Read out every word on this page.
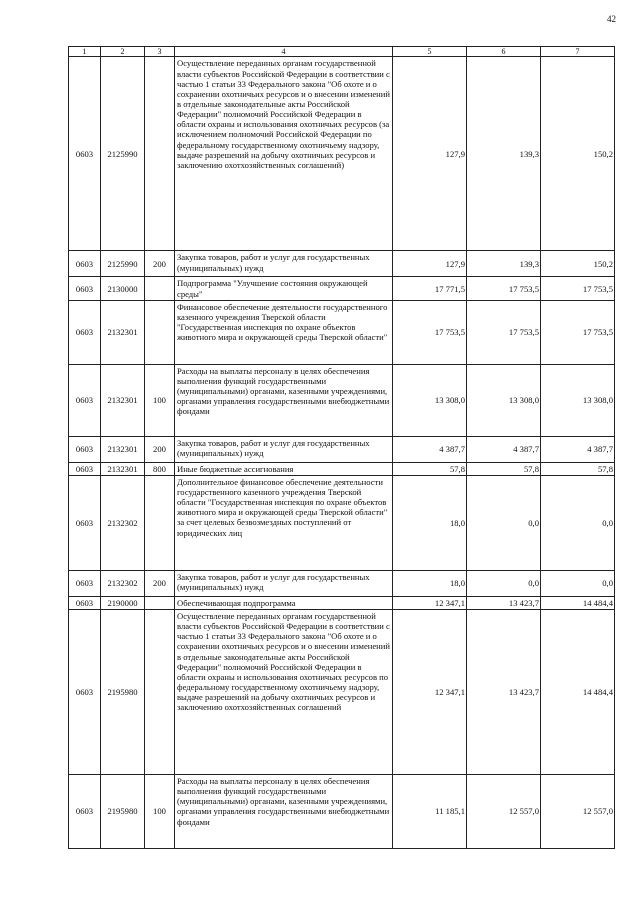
42
1	2	3	4	5	6	7
0603	2125990		Осуществление переданных органам государственной власти субъектов Российской Федерации в соответствии с частью 1 статьи 33 Федерального закона "Об охоте и о сохранении охотничьих ресурсов и о внесении изменений в отдельные законодательные акты Российской Федерации" полномочий Российской Федерации в области охраны и использования охотничьих ресурсов (за исключением полномочий Российской Федерации по федеральному государственному охотничьему надзору, выдаче разрешений на добычу охотничьих ресурсов и заключению охотхозяйственных соглашений)	127,9	139,3	150,2
0603	2125990	200	Закупка товаров, работ и услуг для государственных (муниципальных) нужд	127,9	139,3	150,2
0603	2130000		Подпрограмма "Улучшение состояния окружающей среды"	17 771,5	17 753,5	17 753,5
0603	2132301		Финансовое обеспечение деятельности государственного казенного учреждения Тверской области "Государственная инспекция по охране объектов животного мира и окружающей среды Тверской области"	17 753,5	17 753,5	17 753,5
0603	2132301	100	Расходы на выплаты персоналу в целях обеспечения выполнения функций государственными (муниципальными) органами, казенными учреждениями, органами управления государственными внебюджетными фондами	13 308,0	13 308,0	13 308,0
0603	2132301	200	Закупка товаров, работ и услуг для государственных (муниципальных) нужд	4 387,7	4 387,7	4 387,7
0603	2132301	800	Иные бюджетные ассигнования	57,8	57,8	57,8
0603	2132302		Дополнительное финансовое обеспечение деятельности государственного казенного учреждения Тверской области "Государственная инспекция по охране объектов животного мира и окружающей среды Тверской области" за счет целевых безвозмездных поступлений от юридических лиц	18,0	0,0	0,0
0603	2132302	200	Закупка товаров, работ и услуг для государственных (муниципальных) нужд	18,0	0,0	0,0
0603	2190000		Обеспечивающая подпрограмма	12 347,1	13 423,7	14 484,4
0603	2195980		Осуществление переданных органам государственной власти субъектов Российской Федерации в соответствии с частью 1 статьи 33 Федерального закона "Об охоте и о сохранении охотничьих ресурсов и о внесении изменений в отдельные законодательные акты Российской Федерации" полномочий Российской Федерации в области охраны и использования охотничьих ресурсов по федеральному государственному охотничьему надзору, выдаче разрешений на добычу охотничьих ресурсов и заключению охотхозяйственных соглашений	12 347,1	13 423,7	14 484,4
0603	2195980	100	Расходы на выплаты персоналу в целях обеспечения выполнения функций государственными (муниципальными) органами, казенными учреждениями, органами управления государственными внебюджетными фондами	11 185,1	12 557,0	12 557,0
